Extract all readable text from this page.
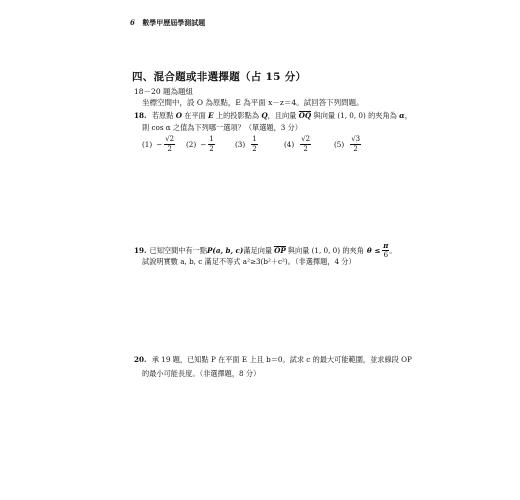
6 數學甲歷屆學測試題
四、混合題或非選擇題（占 15 分）
18－20 題為題組
坐標空間中，設 O 為原點，E 為平面 x－z＝4。試回答下列問題。
18. 若原點 O 在平面 E 上的投影點為 Q，且向量 OQ 與向量 (1, 0, 0) 的夾角為 α，
則 cos α 之值為下列哪一選項？（單選題，3 分）
$(1) - \frac{√2}{2} (2) - \frac{1}{2}$	$(3) \frac{1}{2}$	$(4) \frac{√2}{2}$	$(5) \frac{√3}{2}$
19. 已知空間中有一點 P(a, b, c) 滿足向量 OP 與向量 (1, 0, 0) 的夾角 $\theta \le \frac{\pi}{6}$ 。
試說明實數 a, b, c 滿足不等式 a²≥3(b²＋c²)。（非選擇題，4 分）
20. 承 19 題，已知點 P 在平面 E 上且 b＝0。試求 c 的最大可能範圍，並求線段 OP
的最小可能長度。（非選擇題，8 分）
